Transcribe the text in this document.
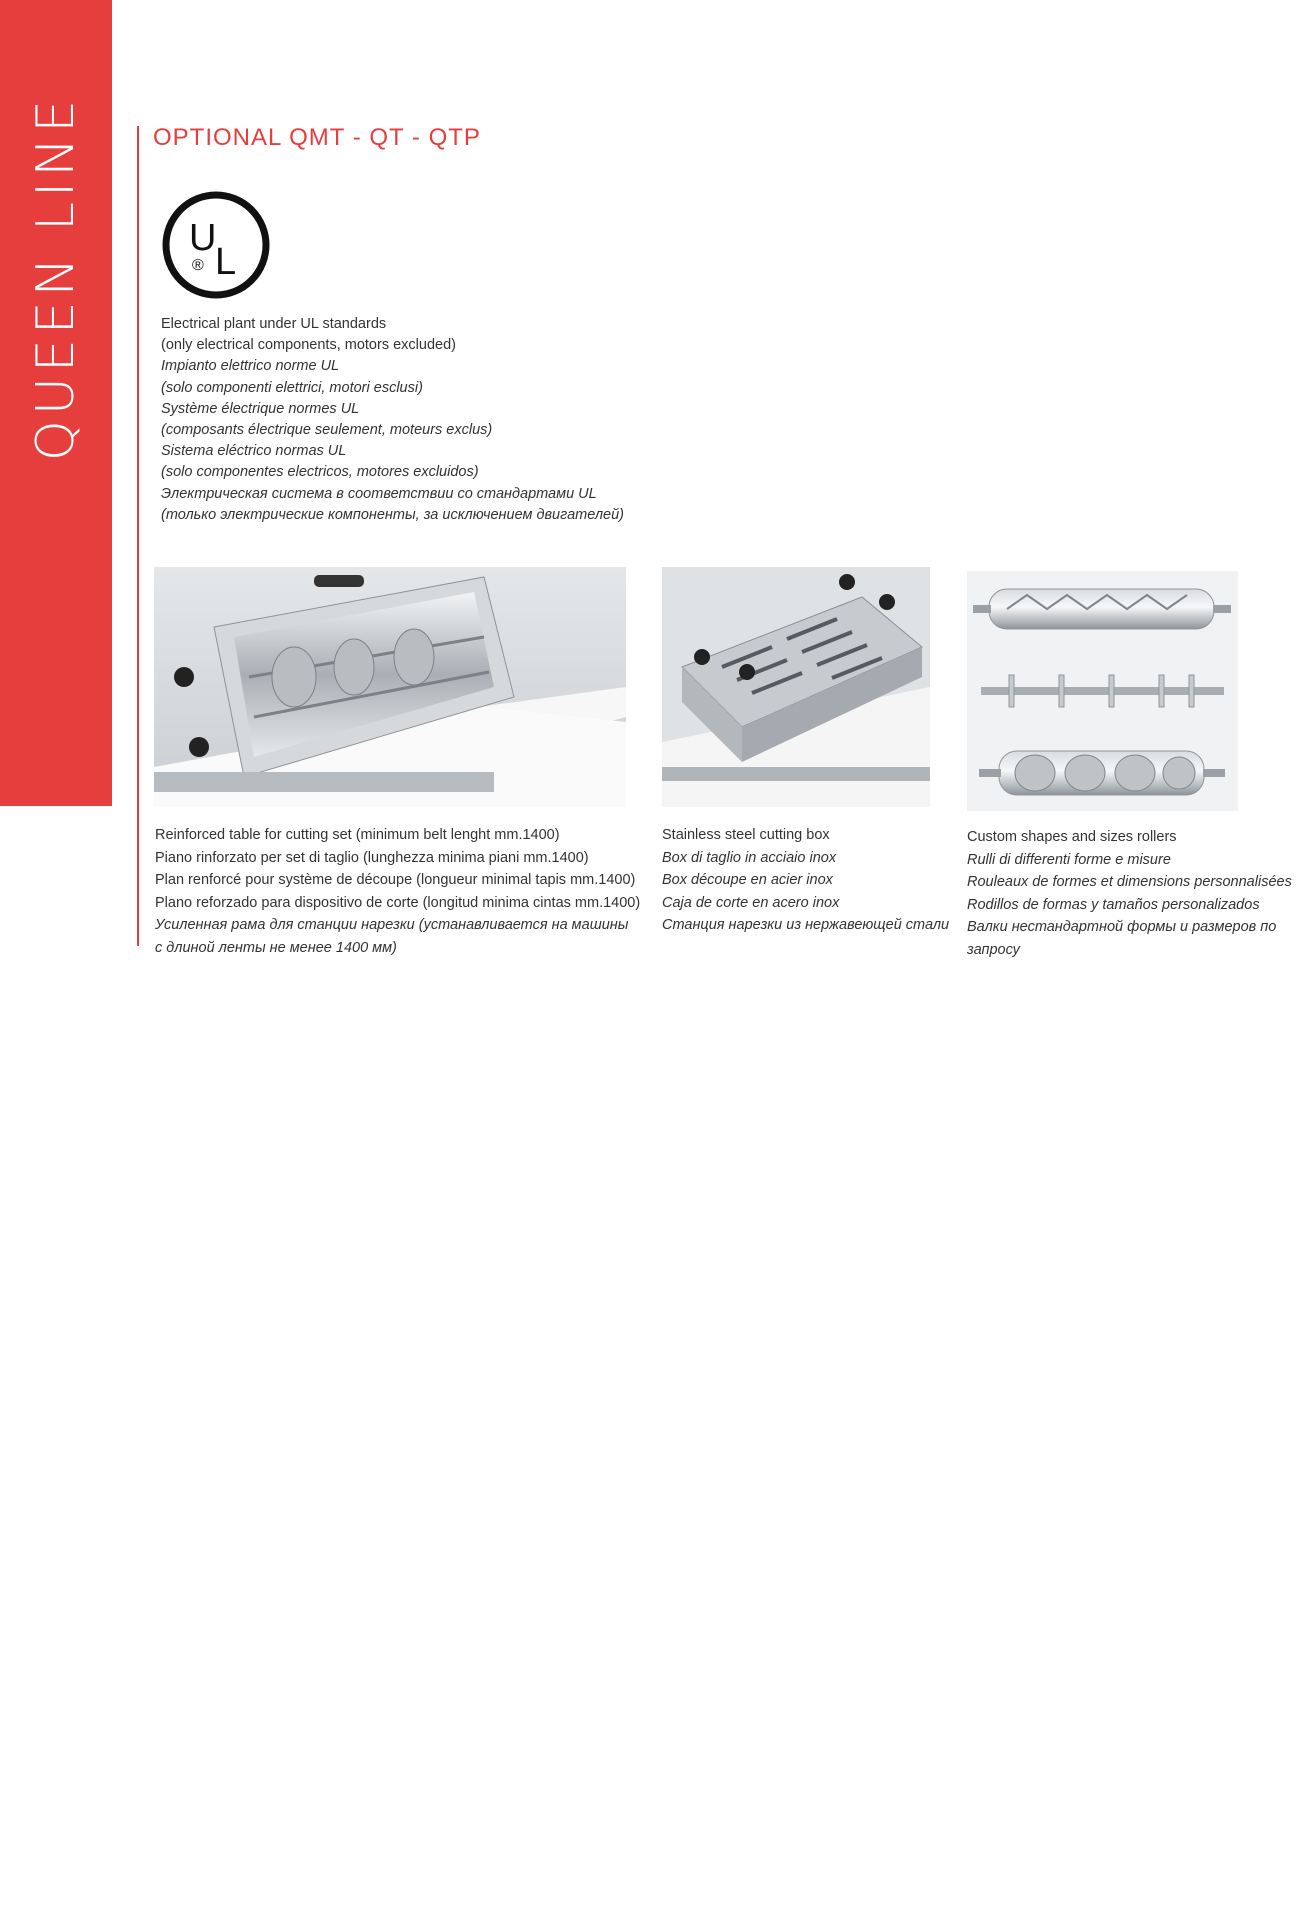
QUEEN LINE	OPTIONAL QMT - QT - QTP
U
L
®
Electrical plant under UL standards
(only electrical components, motors excluded)
Impianto elettrico norme UL
(solo componenti elettrici, motori esclusi)
Système électrique normes UL
(composants électrique seulement, moteurs exclus)
Sistema eléctrico normas UL
(solo componentes electricos, motores excluidos)
Электрическая система в соответствии со стандартами UL
(только электрические компоненты, за исключением двигателей)
Reinforced table for cutting set (minimum belt lenght mm.1400)
Piano rinforzato per set di taglio (lunghezza minima piani mm.1400)
Plan renforcé pour système de découpe (longueur minimal tapis mm.1400)
Plano reforzado para dispositivo de corte (longitud minima cintas mm.1400)
Усиленная рама для станции нарезки (устанавливается на машины с длиной ленты не менее 1400 мм)
Stainless steel cutting box
Box di taglio in acciaio inox
Box découpe en acier inox
Caja de corte en acero inox
Станция нарезки из нержавеющей стали
Custom shapes and sizes rollers
Rulli di differenti forme e misure
Rouleaux de formes et dimensions personnalisées
Rodillos de formas y tamaños personalizados
Валки нестандартной формы и размеров по запросу
